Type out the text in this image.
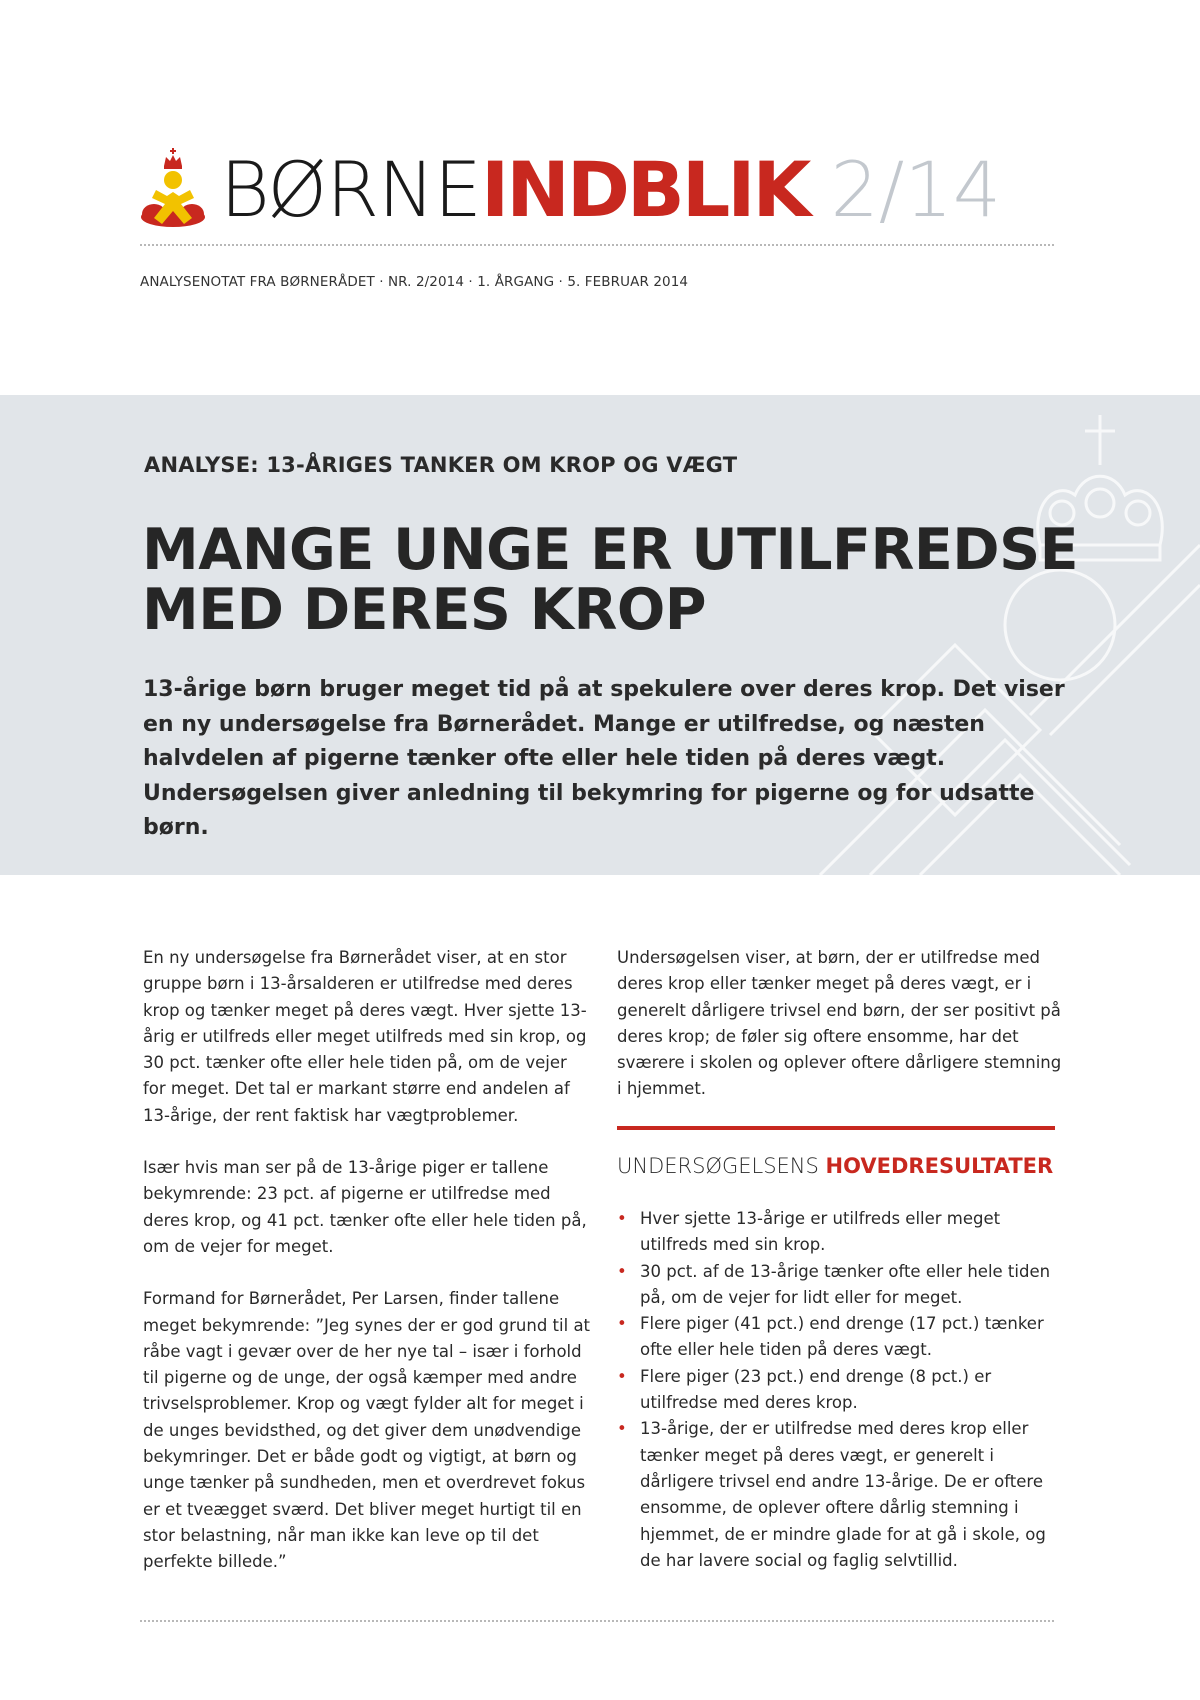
BØRNE INDBLIK 2/14
ANALYSENOTAT FRA BØRNERÅDET · NR. 2/2014 · 1. ÅRGANG · 5. FEBRUAR 2014
ANALYSE: 13-ÅRIGES TANKER OM KROP OG VÆGT
MANGE UNGE ER UTILFREDSE
MED DERES KROP

13-årige børn bruger meget tid på at spekulere over deres krop. Det viser en ny undersøgelse fra Børnerådet. Mange er utilfredse, og næsten halvdelen af pigerne tænker ofte eller hele tiden på deres vægt. Undersøgelsen giver anledning til bekymring for pigerne og for udsatte børn.

En ny undersøgelse fra Børnerådet viser, at en stor gruppe børn i 13-årsalderen er utilfredse med deres krop og tænker meget på deres vægt. Hver sjette 13-årig er utilfreds eller meget utilfreds med sin krop, og 30 pct. tænker ofte eller hele tiden på, om de vejer for meget. Det tal er markant større end andelen af 13-årige, der rent faktisk har vægtproblemer.

Især hvis man ser på de 13-årige piger er tallene bekymrende: 23 pct. af pigerne er utilfredse med deres krop, og 41 pct. tænker ofte eller hele tiden på, om de vejer for meget.

Formand for Børnerådet, Per Larsen, finder tallene meget bekymrende: ”Jeg synes der er god grund til at råbe vagt i gevær over de her nye tal – især i forhold til pigerne og de unge, der også kæmper med andre trivselsproblemer. Krop og vægt fylder alt for meget i de unges bevidsthed, og det giver dem unødvendige bekymringer. Det er både godt og vigtigt, at børn og unge tænker på sundheden, men et overdrevet fokus er et tveægget sværd. Det bliver meget hurtigt til en stor belastning, når man ikke kan leve op til det perfekte billede.”

Undersøgelsen viser, at børn, der er utilfredse med deres krop eller tænker meget på deres vægt, er i generelt dårligere trivsel end børn, der ser positivt på deres krop; de føler sig oftere ensomme, har det sværere i skolen og oplever oftere dårligere stemning i hjemmet.

UNDERSØGELSENS HOVEDRESULTATER
• Hver sjette 13-årige er utilfreds eller meget utilfreds med sin krop.
• 30 pct. af de 13-årige tænker ofte eller hele tiden på, om de vejer for lidt eller for meget.
• Flere piger (41 pct.) end drenge (17 pct.) tænker ofte eller hele tiden på deres vægt.
• Flere piger (23 pct.) end drenge (8 pct.) er utilfredse med deres krop.
• 13-årige, der er utilfredse med deres krop eller tænker meget på deres vægt, er generelt i dårligere trivsel end andre 13-årige. De er oftere ensomme, de oplever oftere dårlig stemning i hjemmet, de er mindre glade for at gå i skole, og de har lavere social og faglig selvtillid.
